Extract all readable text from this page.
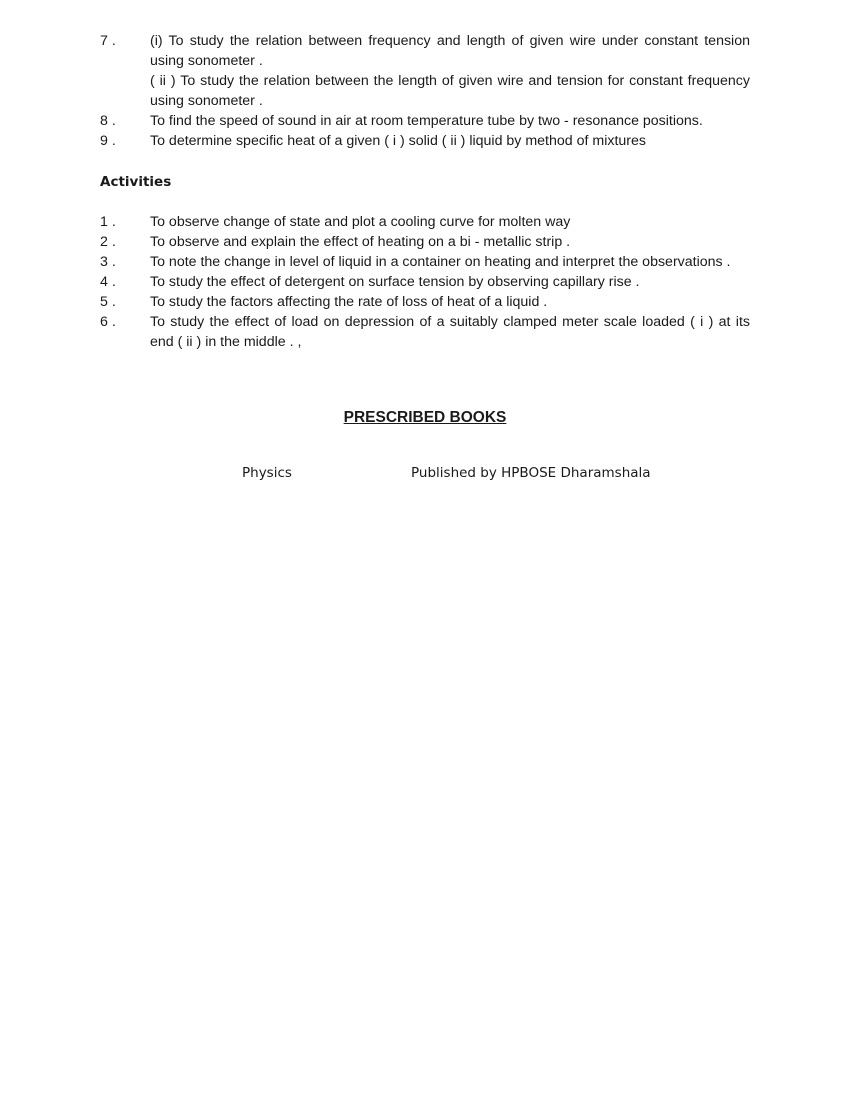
7 .	(i) To study the relation between frequency and length of given wire under constant tension using sonometer .
( ii ) To study the relation between the length of given wire and tension for constant frequency using sonometer .
8 .	To find the speed of sound in air at room temperature tube by two - resonance positions.
9 .	To determine specific heat of a given ( i ) solid ( ii ) liquid by method of mixtures
Activities
1 .	To observe change of state and plot a cooling curve for molten way
2 .	To observe and explain the effect of heating on a bi - metallic strip .
3 .	To note the change in level of liquid in a container on heating and interpret the observations .
4 .	To study the effect of detergent on surface tension by observing capillary rise .
5 .	To study the factors affecting the rate of loss of heat of a liquid .
6 .	To study the effect of load on depression of a suitably clamped meter scale loaded ( i ) at its end ( ii ) in the middle . ,
PRESCRIBED BOOKS
Physics	Published by HPBOSE Dharamshala
